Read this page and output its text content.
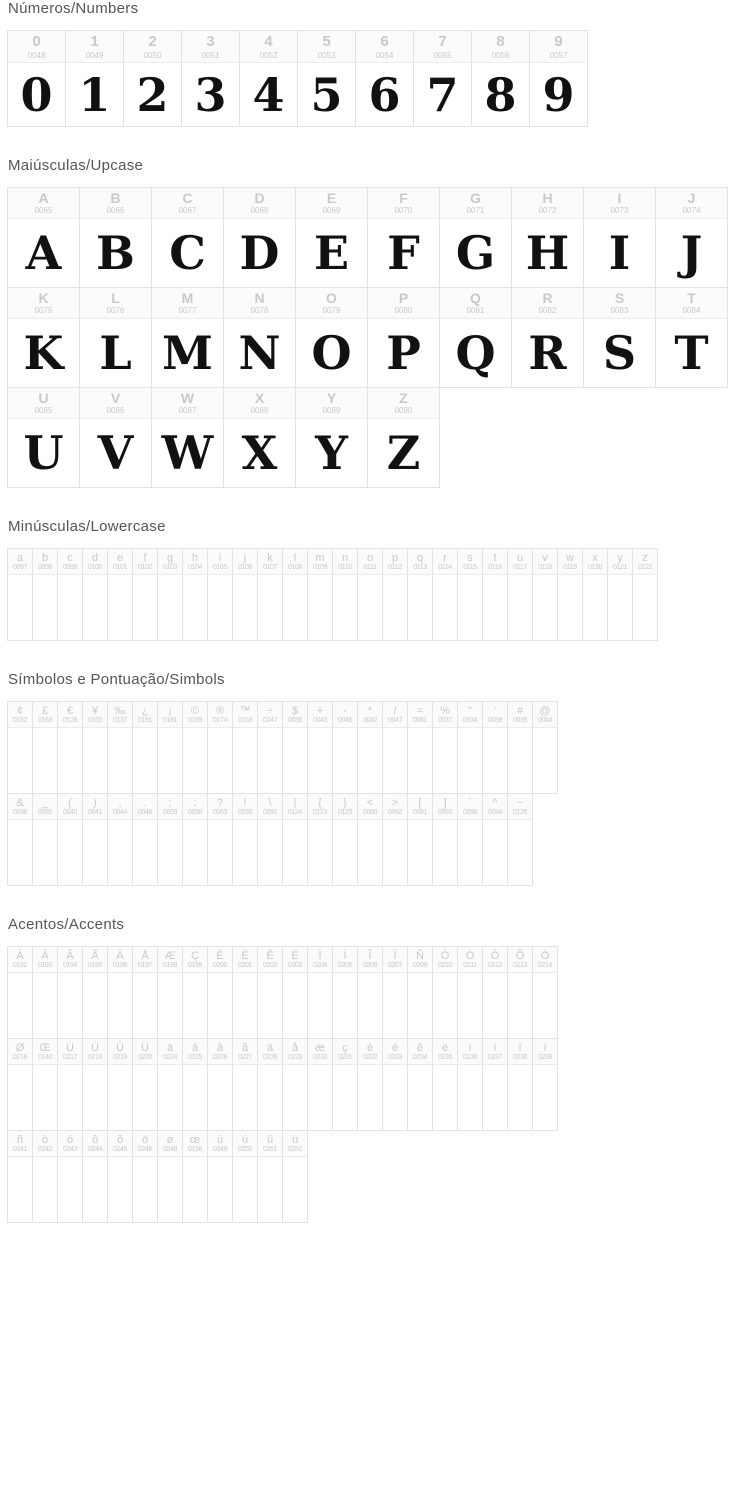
Números/Numbers
0
0048
0
1
0049
1
2
0050
2
3
0051
3
4
0052
4
5
0053
5
6
0054
6
7
0055
7
8
0056
8
9
0057
9
Maiúsculas/Upcase
A
0065
A
B
0066
B
C
0067
C
D
0068
D
E
0069
E
F
0070
F
G
0071
G
H
0072
H
I
0073
I
J
0074
J
K
0075
K
L
0076
L
M
0077
M
N
0078
N
O
0079
O
P
0080
P
Q
0081
Q
R
0082
R
S
0083
S
T
0084
T
U
0085
U
V
0086
V
W
0087
W
X
0088
X
Y
0089
Y
Z
0090
Z
Minúsculas/Lowercase
a
0097
b
0098
c
0099
d
0100
e
0101
f
0102
g
0103
h
0104
i
0105
j
0106
k
0107
l
0108
m
0109
n
0110
o
0111
p
0112
q
0113
r
0114
s
0115
t
0116
u
0117
v
0118
w
0119
x
0120
y
0121
z
0122
Símbolos e Pontuação/Simbols
¢
0162
£
0163
€
0128
¥
0165
‰
0137
¿
0191
¡
0161
©
0169
®
0174
™
0153
÷
0247
$
0036
+
0043
-
0045
*
0042
/
0047
=
0061
%
0037
"
0034
'
0039
#
0035
@
0064
&
0038
_
0095
(
0040
)
0041
,
0044
.
0046
;
0059
:
0058
?
0063
!
0033
\
0092
|
0124
{
0123
}
0125
<
0060
>
0062
[
0091
]
0093
`
0096
^
0094
~
0126
Acentos/Accents
À
0192
Á
0193
Â
0194
Ã
0195
Ä
0196
Å
0197
Æ
0198
Ç
0199
È
0200
É
0201
Ê
0202
Ë
0203
Ì
0204
Í
0205
Î
0206
Ï
0207
Ñ
0209
Ò
0210
Ó
0211
Ô
0212
Õ
0213
Ö
0214
Ø
0216
Œ
0140
Ù
0217
Ú
0218
Û
0219
Ü
0220
à
0224
á
0225
â
0226
ã
0227
ä
0228
å
0229
æ
0230
ç
0231
è
0232
é
0233
ê
0234
ë
0235
ì
0236
í
0237
î
0238
ï
0239
ñ
0241
ò
0242
ó
0243
ô
0244
õ
0245
ö
0246
ø
0248
œ
0156
ù
0249
ú
0250
û
0251
ü
0252
